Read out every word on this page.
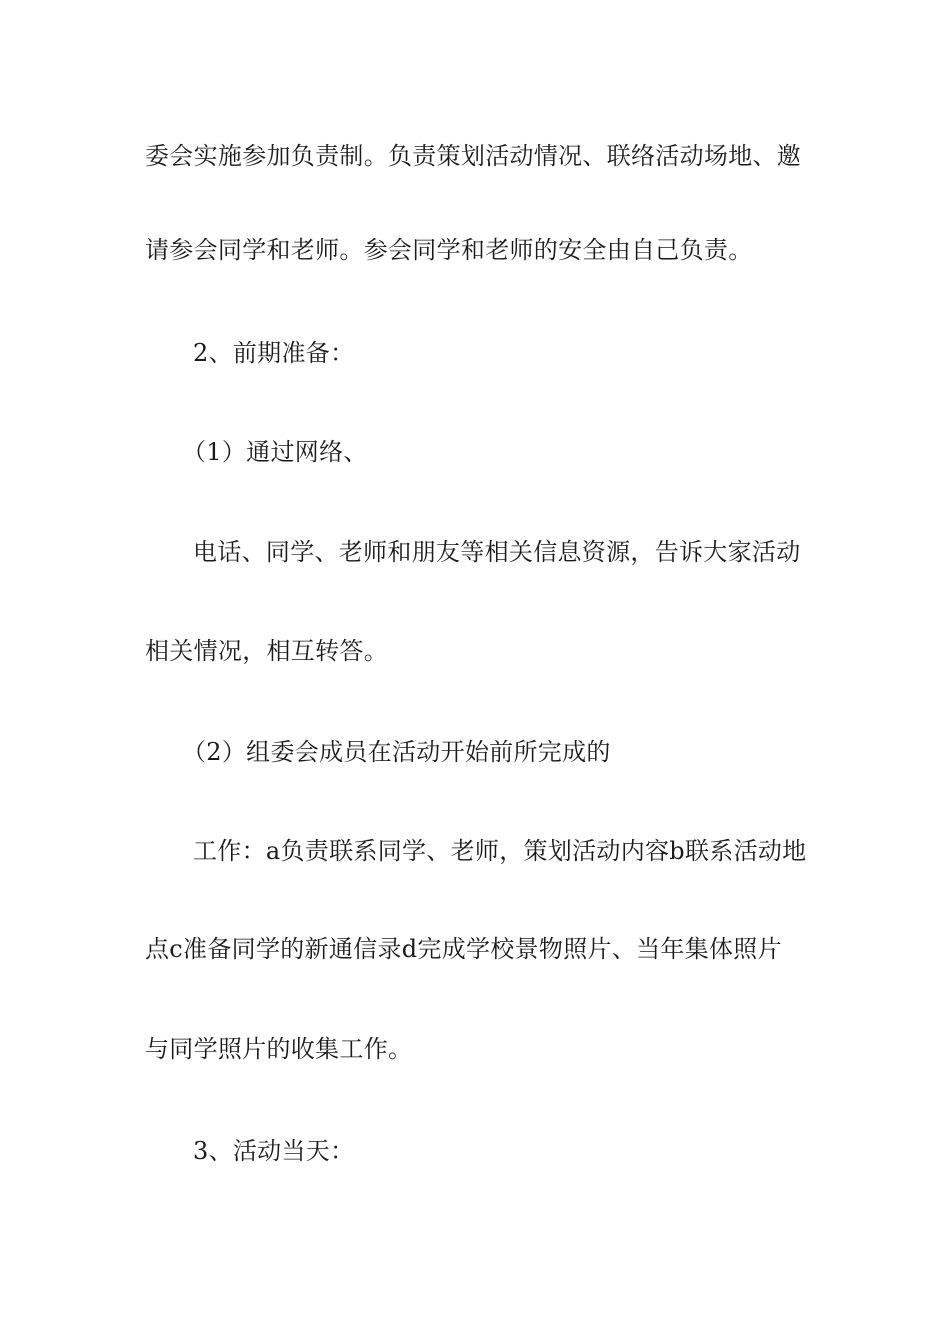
委会实施参加负责制。负责策划活动情况、联络活动场地、邀
请参会同学和老师。参会同学和老师的安全由自己负责。
2、前期准备：
（1）通过网络、
电话、同学、老师和朋友等相关信息资源，告诉大家活动
相关情况，相互转答。
（2）组委会成员在活动开始前所完成的
工作：a负责联系同学、老师，策划活动内容b联系活动地
点c准备同学的新通信录d完成学校景物照片、当年集体照片
与同学照片的收集工作。
3、活动当天：
